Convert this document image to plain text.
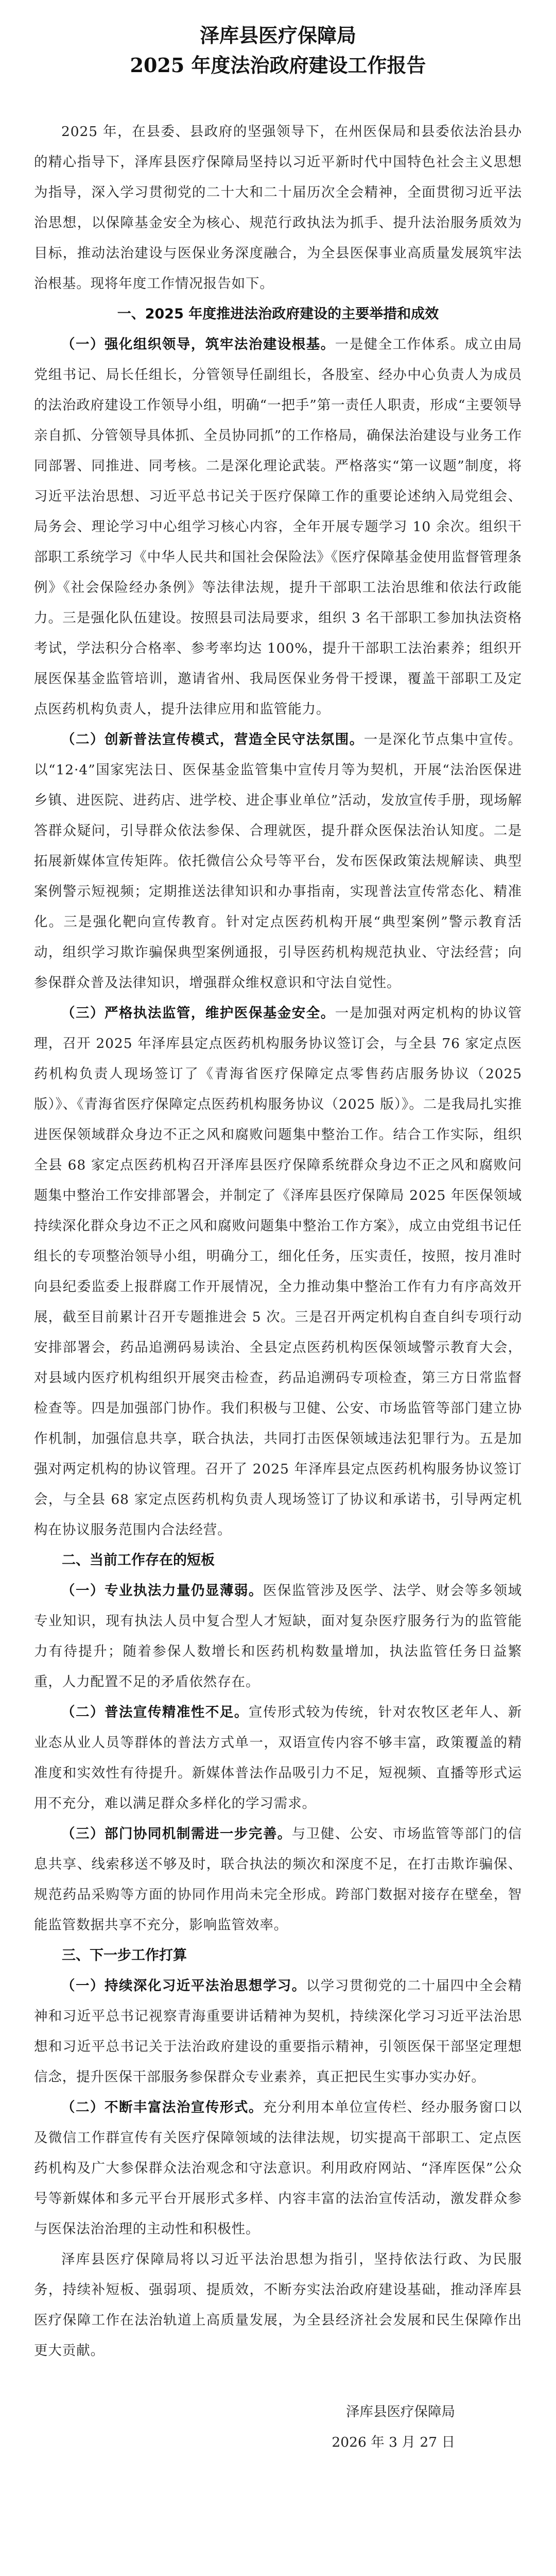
泽库县医疗保障局

2025 年度法治政府建设工作报告

2025 年，在县委、县政府的坚强领导下，在州医保局和县委依法治县办的精心指导下，泽库县医疗保障局坚持以习近平新时代中国特色社会主义思想为指导，深入学习贯彻党的二十大和二十届历次全会精神，全面贯彻习近平法治思想，以保障基金安全为核心、规范行政执法为抓手、提升法治服务质效为目标，推动法治建设与医保业务深度融合，为全县医保事业高质量发展筑牢法治根基。现将年度工作情况报告如下。

一、2025 年度推进法治政府建设的主要举措和成效

（一）强化组织领导，筑牢法治建设根基。一是健全工作体系。成立由局党组书记、局长任组长，分管领导任副组长，各股室、经办中心负责人为成员的法治政府建设工作领导小组，明确“一把手”第一责任人职责，形成“主要领导亲自抓、分管领导具体抓、全员协同抓”的工作格局，确保法治建设与业务工作同部署、同推进、同考核。二是深化理论武装。严格落实“第一议题”制度，将习近平法治思想、习近平总书记关于医疗保障工作的重要论述纳入局党组会、局务会、理论学习中心组学习核心内容，全年开展专题学习 10 余次。组织干部职工系统学习《中华人民共和国社会保险法》《医疗保障基金使用监督管理条例》《社会保险经办条例》等法律法规，提升干部职工法治思维和依法行政能力。三是强化队伍建设。按照县司法局要求，组织 3 名干部职工参加执法资格考试，学法积分合格率、参考率均达 100%，提升干部职工法治素养；组织开展医保基金监管培训，邀请省州、我局医保业务骨干授课，覆盖干部职工及定点医药机构负责人，提升法律应用和监管能力。

（二）创新普法宣传模式，营造全民守法氛围。一是深化节点集中宣传。以“12·4”国家宪法日、医保基金监管集中宣传月等为契机，开展“法治医保进乡镇、进医院、进药店、进学校、进企事业单位”活动，发放宣传手册，现场解答群众疑问，引导群众依法参保、合理就医，提升群众医保法治认知度。二是拓展新媒体宣传矩阵。依托微信公众号等平台，发布医保政策法规解读、典型案例警示短视频；定期推送法律知识和办事指南，实现普法宣传常态化、精准化。三是强化靶向宣传教育。针对定点医药机构开展“典型案例”警示教育活动，组织学习欺诈骗保典型案例通报，引导医药机构规范执业、守法经营；向参保群众普及法律知识，增强群众维权意识和守法自觉性。

（三）严格执法监管，维护医保基金安全。一是加强对两定机构的协议管理，召开 2025 年泽库县定点医药机构服务协议签订会，与全县 76 家定点医药机构负责人现场签订了《青海省医疗保障定点零售药店服务协议（2025 版）》、《青海省医疗保障定点医药机构服务协议（2025 版）》。二是我局扎实推进医保领域群众身边不正之风和腐败问题集中整治工作。结合工作实际，组织全县 68 家定点医药机构召开泽库县医疗保障系统群众身边不正之风和腐败问题集中整治工作安排部署会，并制定了《泽库县医疗保障局 2025 年医保领域持续深化群众身边不正之风和腐败问题集中整治工作方案》，成立由党组书记任组长的专项整治领导小组，明确分工，细化任务，压实责任，按照，按月准时向县纪委监委上报群腐工作开展情况，全力推动集中整治工作有力有序高效开展，截至目前累计召开专题推进会 5 次。三是召开两定机构自查自纠专项行动安排部署会，药品追溯码易读治、全县定点医药机构医保领域警示教育大会，对县域内医疗机构组织开展突击检查，药品追溯码专项检查，第三方日常监督检查等。四是加强部门协作。我们积极与卫健、公安、市场监管等部门建立协作机制，加强信息共享，联合执法，共同打击医保领域违法犯罪行为。五是加强对两定机构的协议管理。召开了 2025 年泽库县定点医药机构服务协议签订会，与全县 68 家定点医药机构负责人现场签订了协议和承诺书，引导两定机构在协议服务范围内合法经营。

二、当前工作存在的短板

（一）专业执法力量仍显薄弱。医保监管涉及医学、法学、财会等多领域专业知识，现有执法人员中复合型人才短缺，面对复杂医疗服务行为的监管能力有待提升；随着参保人数增长和医药机构数量增加，执法监管任务日益繁重，人力配置不足的矛盾依然存在。

（二）普法宣传精准性不足。宣传形式较为传统，针对农牧区老年人、新业态从业人员等群体的普法方式单一，双语宣传内容不够丰富，政策覆盖的精准度和实效性有待提升。新媒体普法作品吸引力不足，短视频、直播等形式运用不充分，难以满足群众多样化的学习需求。

（三）部门协同机制需进一步完善。与卫健、公安、市场监管等部门的信息共享、线索移送不够及时，联合执法的频次和深度不足，在打击欺诈骗保、规范药品采购等方面的协同作用尚未完全形成。跨部门数据对接存在壁垒，智能监管数据共享不充分，影响监管效率。

三、下一步工作打算

（一）持续深化习近平法治思想学习。以学习贯彻党的二十届四中全会精神和习近平总书记视察青海重要讲话精神为契机，持续深化学习习近平法治思想和习近平总书记关于法治政府建设的重要指示精神，引领医保干部坚定理想信念，提升医保干部服务参保群众专业素养，真正把民生实事办实办好。

（二）不断丰富法治宣传形式。充分利用本单位宣传栏、经办服务窗口以及微信工作群宣传有关医疗保障领域的法律法规，切实提高干部职工、定点医药机构及广大参保群众法治观念和守法意识。利用政府网站、“泽库医保”公众号等新媒体和多元平台开展形式多样、内容丰富的法治宣传活动，激发群众参与医保法治治理的主动性和积极性。

泽库县医疗保障局将以习近平法治思想为指引，坚持依法行政、为民服务，持续补短板、强弱项、提质效，不断夯实法治政府建设基础，推动泽库县医疗保障工作在法治轨道上高质量发展，为全县经济社会发展和民生保障作出更大贡献。

泽库县医疗保障局

2026 年 3 月 27 日
